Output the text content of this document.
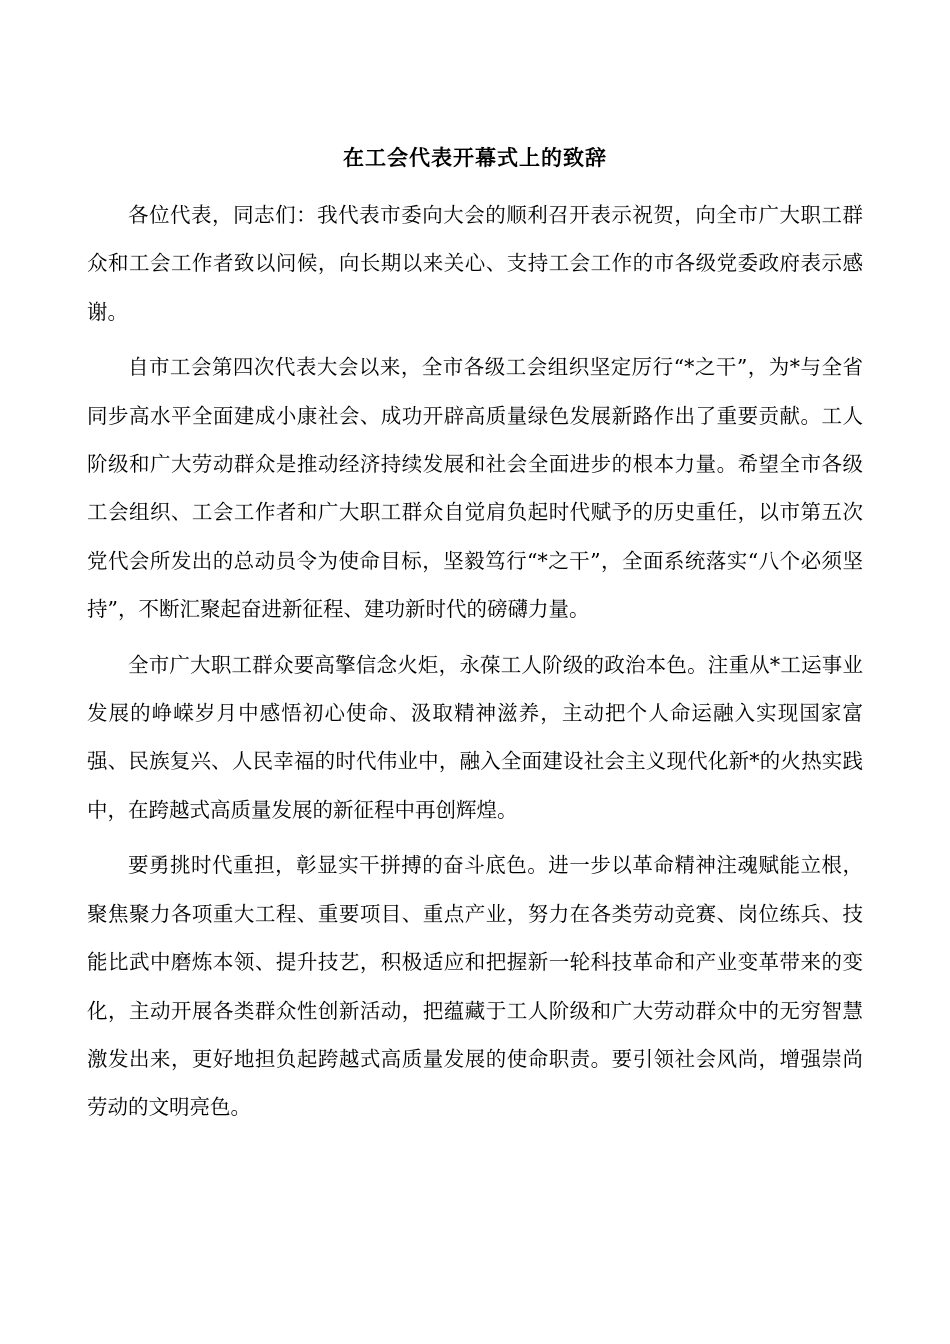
在工会代表开幕式上的致辞

各位代表，同志们：我代表市委向大会的顺利召开表示祝贺，向全市广大职工群众和工会工作者致以问候，向长期以来关心、支持工会工作的市各级党委政府表示感谢。

自市工会第四次代表大会以来，全市各级工会组织坚定厉行“*之干”，为*与全省同步高水平全面建成小康社会、成功开辟高质量绿色发展新路作出了重要贡献。工人阶级和广大劳动群众是推动经济持续发展和社会全面进步的根本力量。希望全市各级工会组织、工会工作者和广大职工群众自觉肩负起时代赋予的历史重任，以市第五次党代会所发出的总动员令为使命目标，坚毅笃行“*之干”，全面系统落实“八个必须坚持”，不断汇聚起奋进新征程、建功新时代的磅礴力量。

全市广大职工群众要高擎信念火炬，永葆工人阶级的政治本色。注重从*工运事业发展的峥嵘岁月中感悟初心使命、汲取精神滋养，主动把个人命运融入实现国家富强、民族复兴、人民幸福的时代伟业中，融入全面建设社会主义现代化新*的火热实践中，在跨越式高质量发展的新征程中再创辉煌。

要勇挑时代重担，彰显实干拼搏的奋斗底色。进一步以革命精神注魂赋能立根，聚焦聚力各项重大工程、重要项目、重点产业，努力在各类劳动竞赛、岗位练兵、技能比武中磨炼本领、提升技艺，积极适应和把握新一轮科技革命和产业变革带来的变化，主动开展各类群众性创新活动，把蕴藏于工人阶级和广大劳动群众中的无穷智慧激发出来，更好地担负起跨越式高质量发展的使命职责。要引领社会风尚，增强崇尚劳动的文明亮色。
